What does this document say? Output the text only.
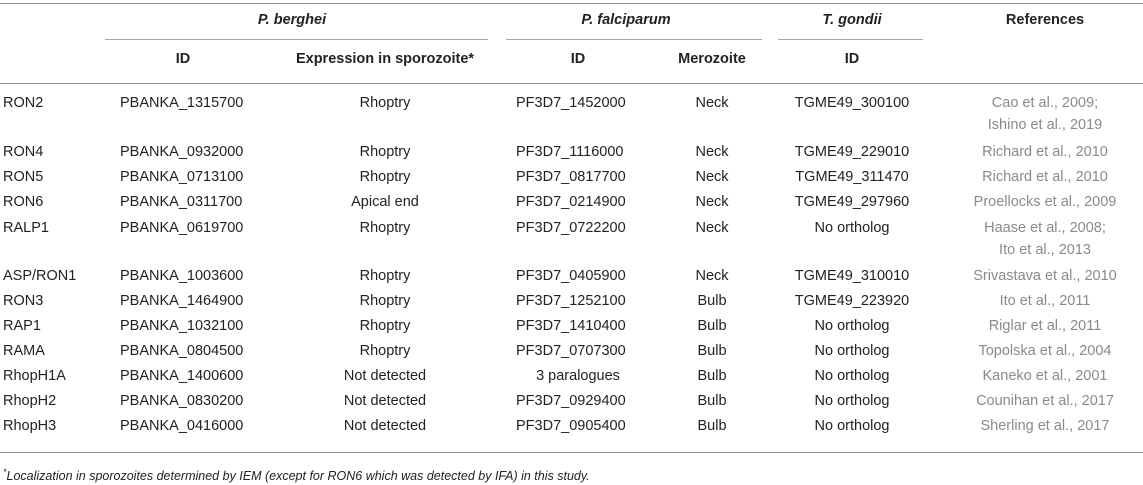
P. berghei	P. falciparum	T. gondii	References
ID	Expression in sporozoite*	ID	Merozoite	ID
RON2	PBANKA_1315700	Rhoptry	PF3D7_1452000	Neck	TGME49_300100	Cao et al., 2009;
Ishino et al., 2019
RON4	PBANKA_0932000	Rhoptry	PF3D7_1116000	Neck	TGME49_229010	Richard et al., 2010
RON5	PBANKA_0713100	Rhoptry	PF3D7_0817700	Neck	TGME49_311470	Richard et al., 2010
RON6	PBANKA_0311700	Apical end	PF3D7_0214900	Neck	TGME49_297960	Proellocks et al., 2009
RALP1	PBANKA_0619700	Rhoptry	PF3D7_0722200	Neck	No ortholog	Haase et al., 2008;
Ito et al., 2013
ASP/RON1	PBANKA_1003600	Rhoptry	PF3D7_0405900	Neck	TGME49_310010	Srivastava et al., 2010
RON3	PBANKA_1464900	Rhoptry	PF3D7_1252100	Bulb	TGME49_223920	Ito et al., 2011
RAP1	PBANKA_1032100	Rhoptry	PF3D7_1410400	Bulb	No ortholog	Riglar et al., 2011
RAMA	PBANKA_0804500	Rhoptry	PF3D7_0707300	Bulb	No ortholog	Topolska et al., 2004
RhopH1A	PBANKA_1400600	Not detected	3 paralogues	Bulb	No ortholog	Kaneko et al., 2001
RhopH2	PBANKA_0830200	Not detected	PF3D7_0929400	Bulb	No ortholog	Counihan et al., 2017
RhopH3	PBANKA_0416000	Not detected	PF3D7_0905400	Bulb	No ortholog	Sherling et al., 2017
*Localization in sporozoites determined by IEM (except for RON6 which was detected by IFA) in this study.
